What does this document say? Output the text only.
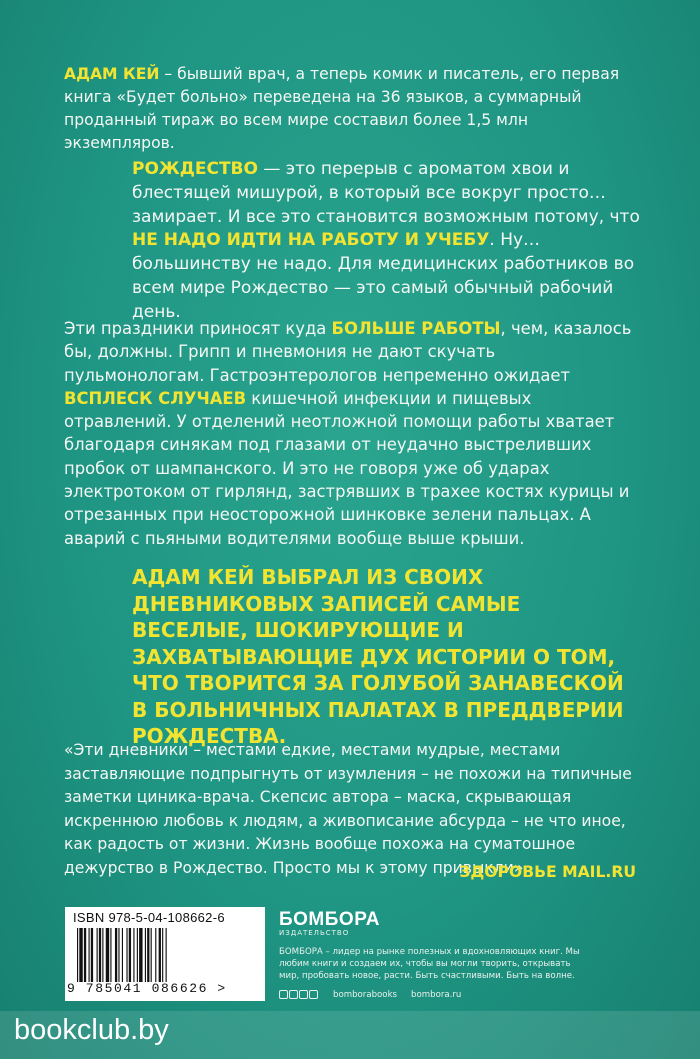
АДАМ КЕЙ – бывший врач, а теперь комик и писатель, его первая книга «Будет больно» переведена на 36 языков, а суммарный проданный тираж во всем мире составил более 1,5 млн экземпляров.
РОЖДЕСТВО — это перерыв с ароматом хвои и блестящей мишурой, в который все вокруг просто… замирает. И все это становится возможным потому, что НЕ НАДО ИДТИ НА РАБОТУ И УЧЕБУ. Ну… большинству не надо. Для медицинских работников во всем мире Рождество — это самый обычный рабочий день.
Эти праздники приносят куда БОЛЬШЕ РАБОТЫ, чем, казалось бы, должны. Грипп и пневмония не дают скучать пульмонологам. Гастроэнтерологов непременно ожидает ВСПЛЕСК СЛУЧАЕВ кишечной инфекции и пищевых отравлений. У отделений неотложной помощи работы хватает благодаря синякам под глазами от неудачно выстреливших пробок от шампанского. И это не говоря уже об ударах электротоком от гирлянд, застрявших в трахее костях курицы и отрезанных при неосторожной шинковке зелени пальцах. А аварий с пьяными водителями вообще выше крыши.
АДАМ КЕЙ ВЫБРАЛ ИЗ СВОИХ ДНЕВНИКОВЫХ ЗАПИСЕЙ САМЫЕ ВЕСЕЛЫЕ, ШОКИРУЮЩИЕ И ЗАХВАТЫВАЮЩИЕ ДУХ ИСТОРИИ О ТОМ, ЧТО ТВОРИТСЯ ЗА ГОЛУБОЙ ЗАНАВЕСКОЙ В БОЛЬНИЧНЫХ ПАЛАТАХ В ПРЕДДВЕРИИ РОЖДЕСТВА.
«Эти дневники – местами едкие, местами мудрые, местами заставляющие подпрыгнуть от изумления – не похожи на типичные заметки циника-врача. Скепсис автора – маска, скрывающая искреннюю любовь к людям, а живописание абсурда – не что иное, как радость от жизни. Жизнь вообще похожа на суматошное дежурство в Рождество. Просто мы к этому привыкли».
ЗДОРОВЬЕ MAIL.RU
ISBN 978-5-04-108662-6
9 785041 086626 >
БОМБОРА
ИЗДАТЕЛЬСТВО
БОМБОРА – лидер на рынке полезных и вдохновляющих книг. Мы любим книги и создаем их, чтобы вы могли творить, открывать мир, пробовать новое, расти. Быть счастливыми. Быть на волне.
bomborabooks bombora.ru
bookclub.by
